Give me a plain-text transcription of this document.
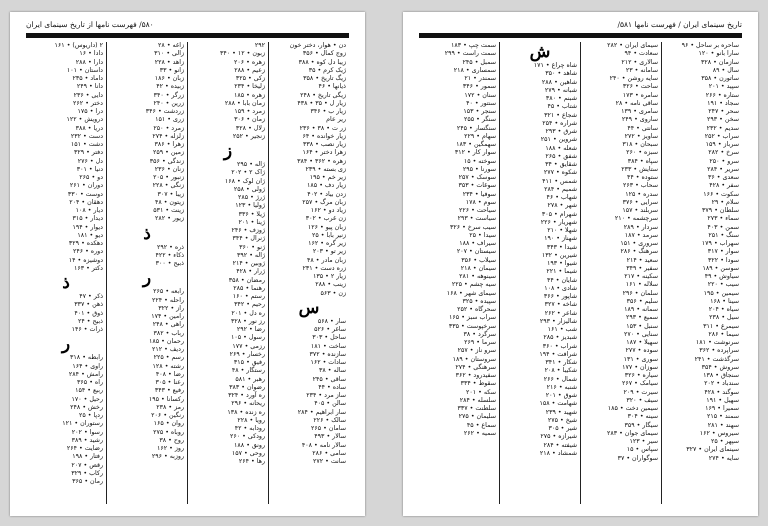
۵۸۰/ فهرست نامها از تاریخ سینمای ایران
دن • هوار، دختر خون
زوج کمال • ۳۵۶
زیبا دل کوه • ۳۸۸
ژیک کرم • ۳۵
زیگ تاریخ • ۳۵۸
ذیانها • ۴۶
زیگی تاریخ • ۲۴۸
زیار ل • ۳۵ • ۴۳۸
زیار ب • ۳۴۶
ریر عام
زر ت • ۳۸ • ۲۳۶
زیار خوانده • ۶۴
زیار نصب • ۳۳۸
زهرا دختر • ۱۶۴
زهره • ۳۶۲ • ۳۸۴
زی بسته • ۲۳۹
زیر خم • ۱۹۵
زیار دف • ۱۸۵
زدن بیاد • ۴۰۲
زبان مرگ • ۲۵۷
زیاد دو • ۱۶۲
زن غرب • ۳۰۲
زبان پیو • ۱۲۶
زنیر بابا • ۲۵
زیر گره • ۱۶۲
زیر تو • ۲۰۳
زبان مادر • ۴۸
زره دست • ۲۳۱
زیار ۲ • ۱۳۵
زینب • ۲۸۸
زن • ۵۶۳
س
سار • ۵۶۸
ساغر • ۵۲۶
ساحل • ۳۰۳
ساخت • ۱۸۱
سازنده • ۳۷۲
سادات • ۱۶۲
ساله • ۳۸
ساقی • ۲۴۵
ساده • ۴۴
ساز مرد • ۲۳۴
سالن • ۴۰۵
سار ابراهیم • ۲۸۴
سالک • ۲۲۶
سامان • ۲۶۵
سالار • ۴۹۳
سالار نامه • ۴۰۸
سامی • ۲۸۶
سانت • ۲۷۲
۲۹۲
زبون • ۱۲ • ۳۴۰
زهره • ۲۰۶
زعیم • ۲۸۸
زکی • ۳۲۵
زلیخا • ۲۳۴
زهره • ۱۸۵
زمان بابا • ۲۸۸
زمرد • ۱۵۹
زمان • ۳۰۶
زلال • ۳۲۸
زنجیر • ۲۵۲
ز
ژاله • ۲۹۵
ژاک ۲ • ۲۰۲
ژان لوک • ۱۶۸
ژولی • ۲۵۸
ژرژ • ۲۸۵
ژولیا • ۱۲۳
ژیلا • ۳۳۶
ژینا • ۲۰۱
ژوزف • ۲۴۶
ژنرال • ۳۴۴
ژنو • ۳۶۰
ژاله • ۳۹۲
ژوبین • ۲۱۴
ژرار • ۴۲۸
رمضان • ۳۵۸
رهنما • ۲۸۵
رستم • ۱۶۰
رحیم • ۳۴۲
ره دل • ۲۰۱
رز نور • ۳۲۸
رضا • ۲۹۲
رسول • ۱۰۵
رزمی • ۱۷۷
رخسار • ۲۶۹
رفیق • ۳۱۵
رستگار • ۴۸
رهبر • ۵۸۱
رضوان • ۳۸۳
ره آورد • ۳۲۴
ریحانه • ۲۹۶
ره زنده • ۱۳۸
رویا • ۲۲۸
رودابه • ۴۲
رودکی • ۲۶۰
رونق • ۱۸۸
روحی • ۱۵۷
رها • ۲۶۴
زاغه • ۲۸
زالی • ۳۱۰
زاهد • ۲۲۸
زانو • ۳۳
زبان • ۱۸۶
زبیده • ۴۲
زرگر • ۳۴۰
زرین • ۲۴۰
زردشت • ۳۴۶
زری • ۱۵۱
زمرد • ۲۵۰
زلزله • ۲۷۴
زهرا • ۳۸۶
زمین • ۲۵۹
زندگی • ۳۵۶
زنان • ۲۳۶
زنبور • ۲۰۵
زنگی • ۲۲۸
زیبا • ۳۰۷
زیتون • ۴۸
زینت • ۵۳۱
زیور • ۲۸۲
ذ
ذره • ۲۹۲
ذکاء • ۴۲۲
ذبیح • ۳۰۰
ر
رابعه • ۲۶۵
راحله • ۲۲۴
راز • ۳۲۲
رامین • ۱۷۴
راهی • ۲۴۸
رباب • ۳۸۲
رحمان • ۱۸۵
ردیف • ۲۱۲
رسم • ۲۲۵
رشته • ۱۲۸
رضا • ۴۰۸
رعنا • ۳۰۵
رفیع • ۳۴۳
رکسانا • ۱۹۵
رمز • ۲۳۸
رنگین • ۲۰۶
روان • ۱۶۵
روباه • ۲۷۵
روح • ۳۸
روز • ۱۶۲
روزبه • ۲۹۶
۲ (داریوس) • ۱۶۱
دادا • ۱۶
دارا • ۲۸۸
داستان • ۱۰۱
داماد • ۲۳۵
دانا • ۲۴۹
دایی • ۲۳۶
دختر • ۲۶۲
درا • ۱۷۵
درویش • ۱۲۲
دریا • ۳۸۸
دست • ۲۳۲
دشت • ۱۵۱
دفتر • ۳۲۹
دل • ۲۷۶
دنیا • ۳۰۱
دو • ۲۶۵
دوران • ۲۶۱
دوست • ۳۳۰
دهقان • ۲۰۴
دیار • ۱۰۸
دیدار • ۳۱۵
دیوار • ۱۹۴
دیو • ۱۸۱
دهکده • ۳۲۹
دوره • ۲۴۶
دوشیزه • ۱۴
دکتر • ۱۶۳
ذ
ذکر • ۴۷
ذهن • ۳۳۷
ذوق • ۴۰۱
ذبیح • ۲۴
ذرات • ۱۴۶
ر
رابطه • ۳۱۸
راوی • ۱۶۴
رامش • ۲۸۴
راه • ۳۶۵
ربیع • ۱۵۴
رحیل • ۱۷۰
رخش • ۲۴۸
ردپا • ۲۵
رستوران • ۱۲۱
رسوا • ۲۰۲
رشید • ۳۸۹
رضایت • ۲۶۴
رفتار • ۱۹۸
رقص • ۲۰۷
رکاب • ۳۲۹
رمان • ۳۶۵
تاریخ سینمای ایران / فهرست نامها ۵۸۱/
ساحره بر ساحل • ۹۶
سارا بانو • ۱۲۰
سازمان • ۳۲۸
سال • ۸۹
ساتورن • ۳۵۸
سپید • ۲۰۱
ستاره • ۲۶۶
سجاد • ۱۹۱
سحر • ۲۴۷
سخن • ۲۹۳
سدیم • ۲۳۲
سراب • ۲۵۲
سرباز • ۱۵۹
سرخ • ۲۸۲
سرو • ۲۵۰
سریر • ۲۸۴
سعدی • ۳۶
سفر • ۴۲۸
سکوت • ۱۶۶
سلام • ۲۹
سلطان • ۳۷۹
سماء • ۲۷۳
سمن • ۴۰۳
سنگ • ۲۵۱
سهراب • ۱۷۹
سوار • ۳۱۷
سودا • ۳۲۲
سوسن • ۱۸۹
سیاوش • ۴۹
سیب • ۲۲۰
سیمین • ۱۹۵
سینا • ۱۶۸
سیاه • ۲۰۴
سیل • ۲۳۸
سیمرغ • ۳۱۱
سیما • ۲۸۶
سرنوشت • ۱۸۱
سراپرده • ۳۶۲
سرگذشت • ۲۴۱
سروش • ۳۵۴
سنجاق • ۱۳۸
سندباد • ۲۰۲
سوگند • ۴۲۸
سهیل • ۱۹۱
سمیرا • ۱۶۹
سمند • ۲۱۵
سهند • ۲۸۱
سیروس • ۱۶۲
سپهر • ۲۵
سینمای ایران • ۳۲۷
سایه • ۲۷۴
سیمای ایران • ۲۸۲
سعادت • ۹۴
سالاری • ۲۱۲
سامانه • ۲۳
سایه روشن • ۲۴۰
ساحت • ۳۲۶
سامره • ۱۷۳
ساقی نامه • ۲۸
سامری • ۱۳۹
ساروی • ۲۴۹
سانتی • ۴۴
ساویز • ۲۷۲
سبحان • ۳۱۸
سبزه • ۲۶۰
سپاه • ۳۸۴
ستایش • ۲۳۳
ستوده • ۴۴
سحاب • ۲۶۳
سدره • ۱۲۵
سرایی • ۳۷۶
سربلند • ۱۵۷
سرچشمه • ۲۱۰
سردار • ۲۸۹
سرمد • ۱۸۷
سروری • ۱۵۱
سرهنگ • ۲۸۶
سعید • ۲۱۴
سفیر • ۳۴۹
سکینه • ۲۱۷
سلاله • ۱۶۱
سلمان • ۲۹۶
سلیم • ۳۵۶
سمانه • ۱۸۹
سمیع • ۲۹۳
سنبل • ۱۵۳
سنایی • ۲۷۰
سهیلا • ۱۸۷
سوده • ۲۷۷
سوری • ۱۳۱
سوزان • ۱۷۷
سیاره • ۳۲۶
سیامک • ۲۶۷
سیرت • ۲۰۹
سیف • ۳۲۰
سیمین دخت • ۱۸۵
سینه • ۳۰۴
سیگار • ۳۵۹
سیمای جوان • ۲۸۳
سیر • ۱۲۳
سپاس • ۱۵
سوگواران • ۳۷
ش
شاه چراغ • ۱۷۱
شاهد • ۳۵۰
شاهین • ۲۸۸
شبانه • ۲۷۹
شبنم • ۳۸۰
شتاب • ۴۵
شجاع • ۳۲۱
شراره • ۲۵۴
شرق • ۲۹۳
شروین • ۲۵۱
شعله • ۱۸۸
شفق • ۲۶۵
شقایق • ۳۴
شکوه • ۲۷۷
شمس • ۴۱۱
شمیم • ۲۸۴
شهاب • ۴۶
شهر • ۲۷۸
شهرام • ۳۰۵
شهریار • ۲۲۶
شهلا • ۲۱۰
شهناز • ۱۹۰
شیدا • ۳۴۳
شیرین • ۱۳۲
شیوا • ۱۹۳
شیما • ۲۲۱
شایان • ۴۴
شادی • ۱۰۸
شاپور • ۳۶۶
شاخه • ۳۲۷
شاعر • ۲۶۲
شالیزار • ۲۹۳
شب • ۱۶۱
شبدیز • ۲۸۵
شراب • ۳۶۰
شرافت • ۱۹۴
شکار • ۳۴۱
شکیبا • ۲۰۸
شمال • ۲۶۶
شنبه • ۲۱۶
شوق • ۲۰۱
شهامت • ۱۵۸
شهید • ۲۳۹
شیخ • ۲۷۵
شیر • ۳۰۵
شیرازه • ۲۷۵
شیفته • ۲۸۴
شمشاد • ۲۱۸
سمت چپ • ۱۸۳
سمت راست • ۲۹۹
سمبل • ۲۴۵
سمساری • ۲۱۸
سمندر • ۲۱
سمور • ۳۴۶
سنان • ۱۷۲
سنتور • ۴۰
سنجر • ۱۵۳
سنگر • ۲۵۵
سنگسار • ۲۴۵
سهام • ۲۲۹
سهمگین • ۱۸۳
سوار کار • ۳۱۲
سوخته • ۱۵
سورنا • ۲۹۵
سوسک • ۲۵۷
سوغات • ۳۵۳
سوفیا • ۲۳۴
سوم • ۱۷۸
سیاحت • ۲۲۶
سیاست • ۲۹۳
سیب سرخ • ۳۲۶
سیدا • ۲۵
سیراف • ۱۸۸
سیستان • ۲۰۷
سیلاب • ۳۵۶
سیمان • ۲۱۸
سینوهه • ۲۸۱
سیه چشم • ۲۲۵
سیمای شهر • ۱۶۸
سپیده • ۳۲۵
سحرگاه • ۲۵۲
سراب سبز • ۱۶۵
سرخپوست • ۳۳۵
سرگرد • ۳۸
سرما • ۲۶۹
سرو ناز • ۲۵۷
سروستان • ۱۸۹
سرهنگی • ۲۷۴
سفیدرود • ۳۶۲
سقوط • ۳۳۴
سکه • ۲۰۱
سلسله • ۲۸۴
سلطنت • ۳۳۷
سلیمان • ۲۷۵
سماع • ۴۵
سمیه • ۲۶۲
